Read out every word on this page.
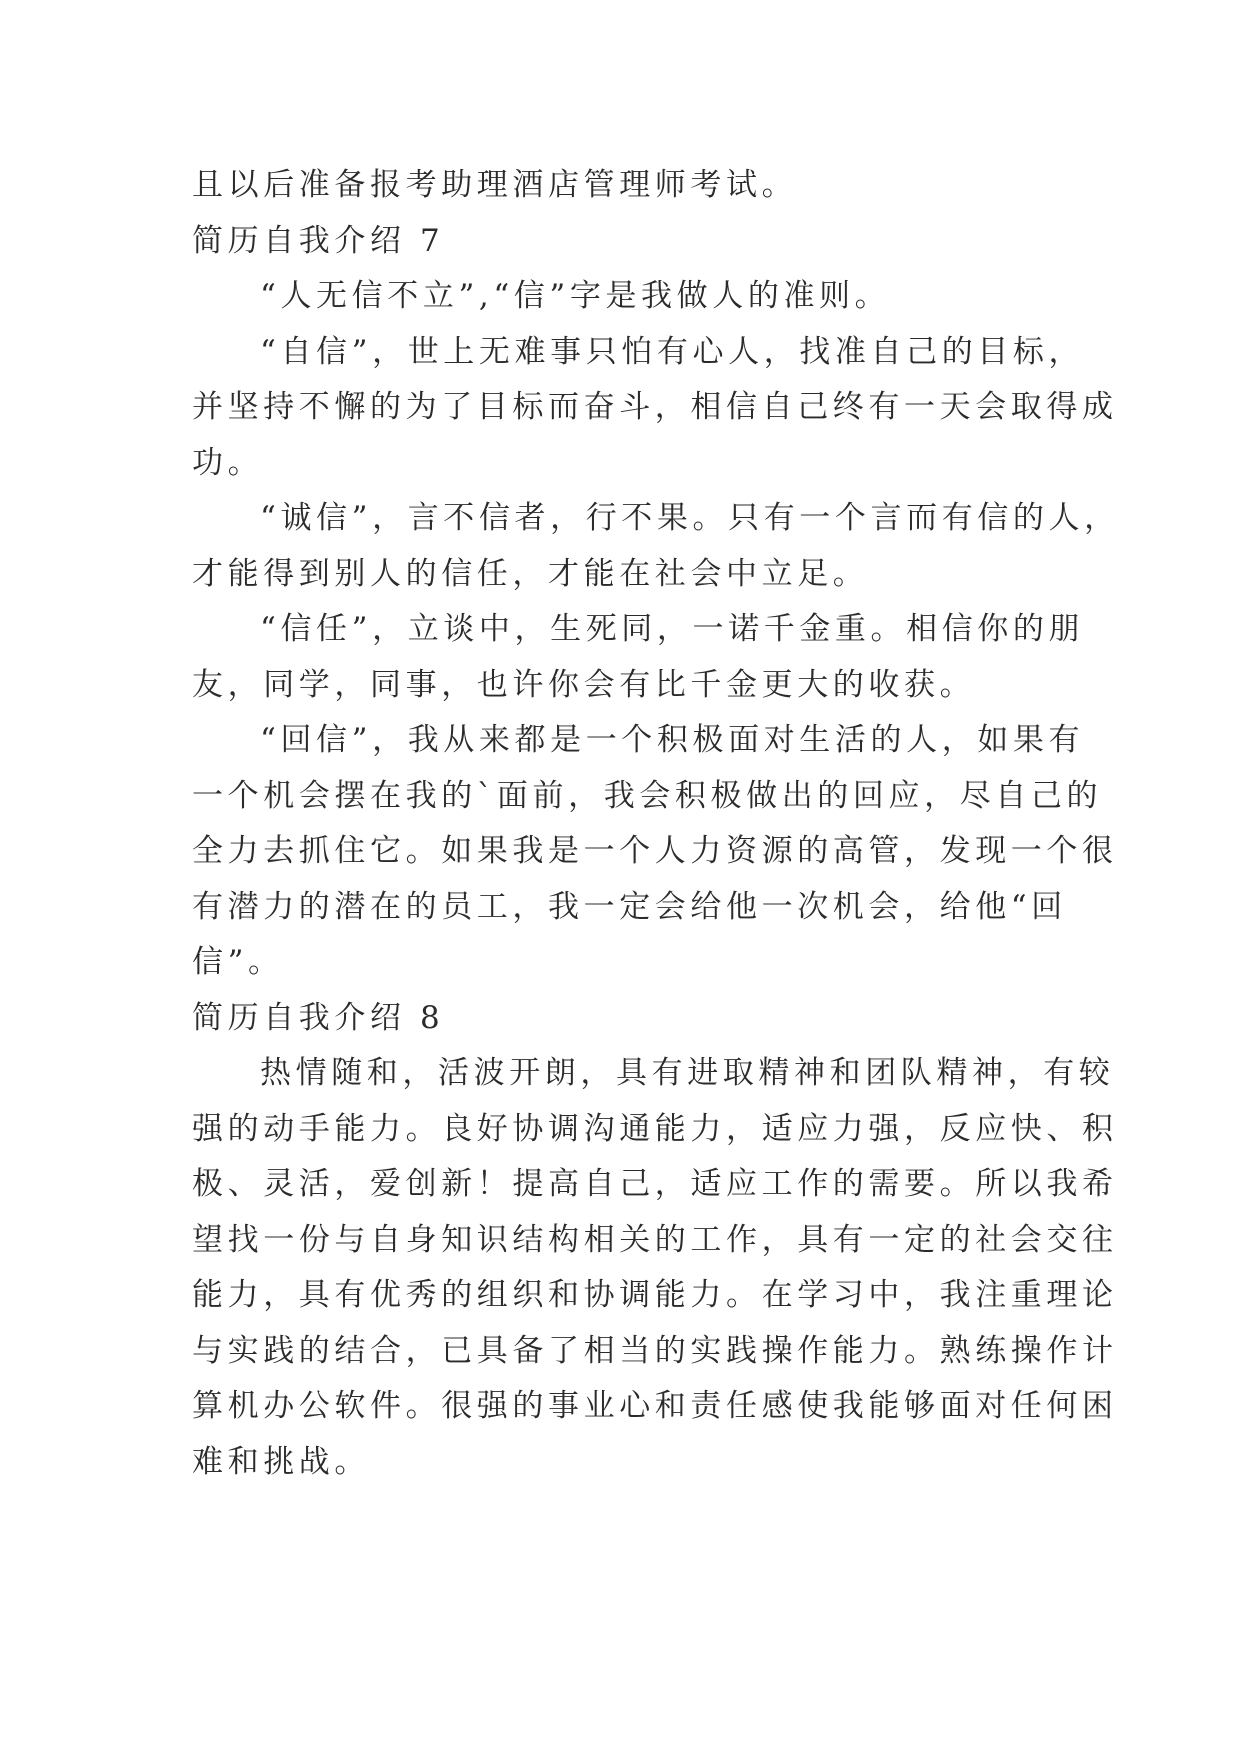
且以后准备报考助理酒店管理师考试。

简历自我介绍 7

“人无信不立”,“信”字是我做人的准则。

“自信”，世上无难事只怕有心人，找准自己的目标，

并坚持不懈的为了目标而奋斗，相信自己终有一天会取得成

功。

“诚信”，言不信者，行不果。只有一个言而有信的人，

才能得到别人的信任，才能在社会中立足。

“信任”，立谈中，生死同，一诺千金重。相信你的朋

友，同学，同事，也许你会有比千金更大的收获。

“回信”，我从来都是一个积极面对生活的人，如果有

一个机会摆在我的`面前，我会积极做出的回应，尽自己的

全力去抓住它。如果我是一个人力资源的高管，发现一个很

有潜力的潜在的员工，我一定会给他一次机会，给他“回

信”。

简历自我介绍 8

热情随和，活波开朗，具有进取精神和团队精神，有较

强的动手能力。良好协调沟通能力，适应力强，反应快、积

极、灵活，爱创新！提高自己，适应工作的需要。所以我希

望找一份与自身知识结构相关的工作，具有一定的社会交往

能力，具有优秀的组织和协调能力。在学习中，我注重理论

与实践的结合，已具备了相当的实践操作能力。熟练操作计

算机办公软件。很强的事业心和责任感使我能够面对任何困

难和挑战。
